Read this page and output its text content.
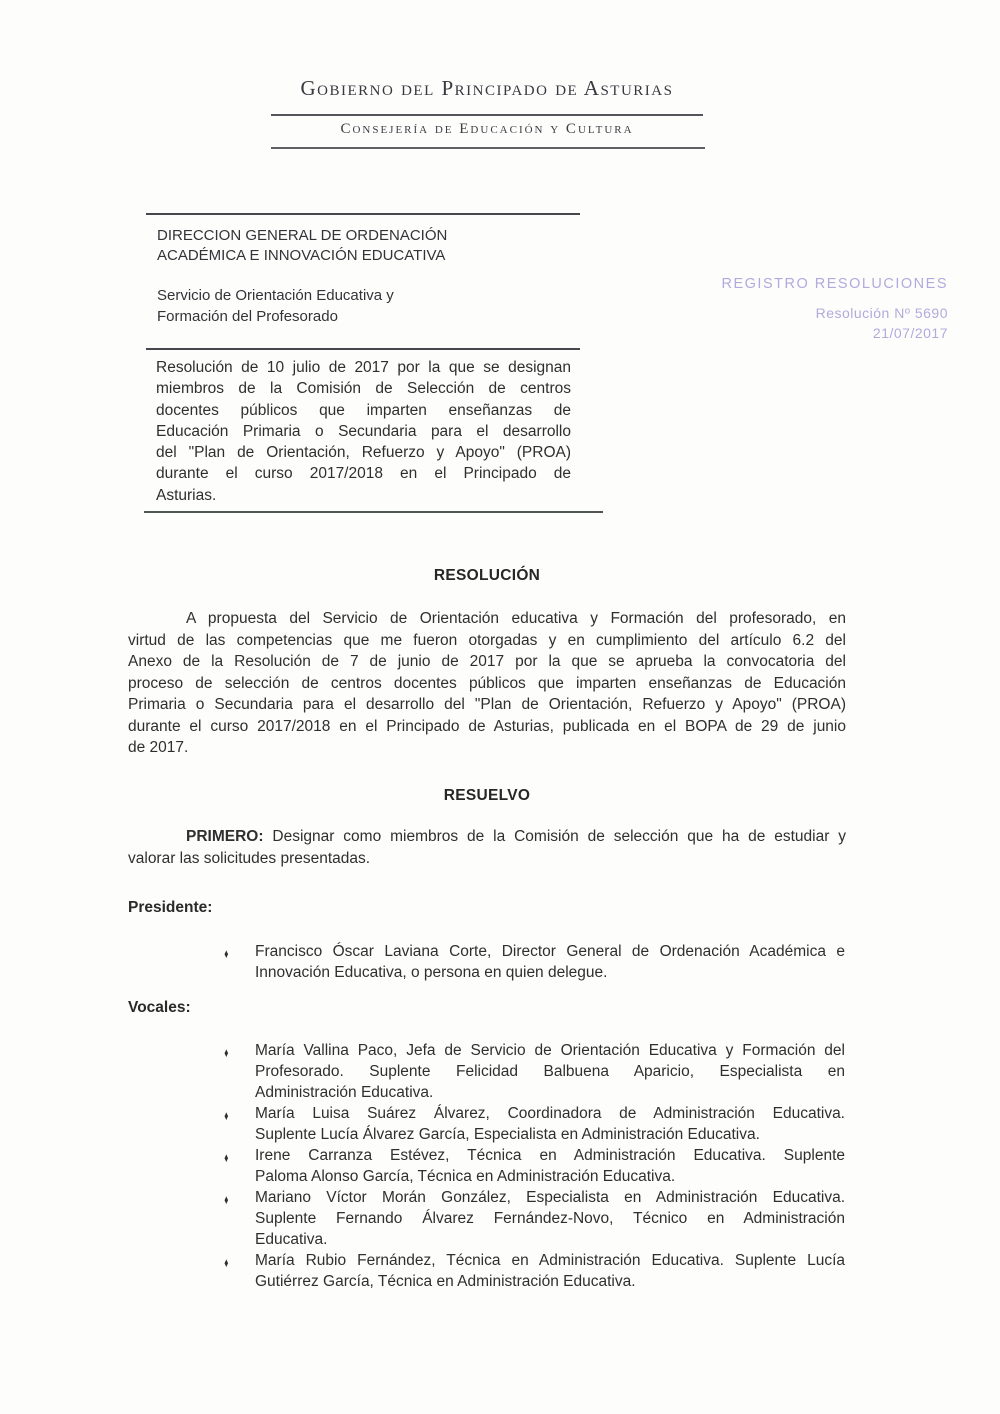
Gobierno del Principado de Asturias
Consejería de Educación y Cultura
DIRECCION GENERAL DE ORDENACIÓN
ACADÉMICA E INNOVACIÓN EDUCATIVA
Servicio de Orientación Educativa y
Formación del Profesorado
REGISTRO RESOLUCIONES
Resolución Nº 5690
21/07/2017
Resolución de 10 julio de 2017 por la que se designan
miembros de la Comisión de Selección de centros
docentes públicos que imparten enseñanzas de
Educación Primaria o Secundaria para el desarrollo
del "Plan de Orientación, Refuerzo y Apoyo" (PROA)
durante el curso 2017/2018 en el Principado de
Asturias.
RESOLUCIÓN
A propuesta del Servicio de Orientación educativa y Formación del profesorado, en
virtud de las competencias que me fueron otorgadas y en cumplimiento del artículo 6.2 del
Anexo de la Resolución de 7 de junio de 2017 por la que se aprueba la convocatoria del
proceso de selección de centros docentes públicos que imparten enseñanzas de Educación
Primaria o Secundaria para el desarrollo del "Plan de Orientación, Refuerzo y Apoyo" (PROA)
durante el curso 2017/2018 en el Principado de Asturias, publicada en el BOPA de 29 de junio
de 2017.
RESUELVO
PRIMERO: Designar como miembros de la Comisión de selección que ha de estudiar y
valorar las solicitudes presentadas.
Presidente:
♦ Francisco Óscar Laviana Corte, Director General de Ordenación Académica e
Innovación Educativa, o persona en quien delegue.
Vocales:
♦ María Vallina Paco, Jefa de Servicio de Orientación Educativa y Formación del
Profesorado. Suplente Felicidad Balbuena Aparicio, Especialista en
Administración Educativa.
♦ María Luisa Suárez Álvarez, Coordinadora de Administración Educativa.
Suplente Lucía Álvarez García, Especialista en Administración Educativa.
♦ Irene Carranza Estévez, Técnica en Administración Educativa. Suplente
Paloma Alonso García, Técnica en Administración Educativa.
♦ Mariano Víctor Morán González, Especialista en Administración Educativa.
Suplente Fernando Álvarez Fernández-Novo, Técnico en Administración
Educativa.
♦ María Rubio Fernández, Técnica en Administración Educativa. Suplente Lucía
Gutiérrez García, Técnica en Administración Educativa.
